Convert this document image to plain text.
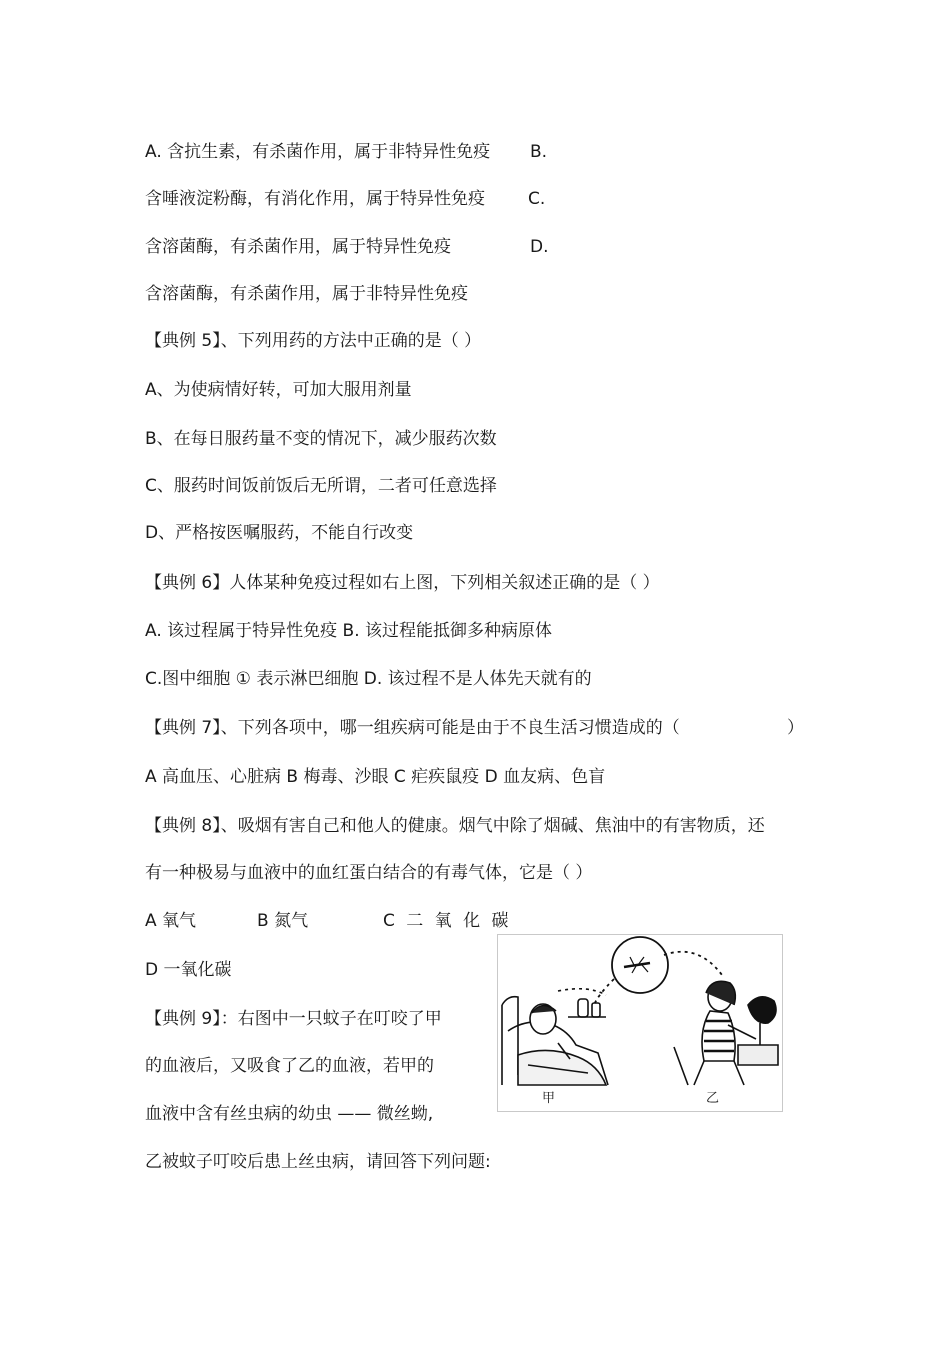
A. 含抗生素，有杀菌作用，属于非特异性免疫 B.
含唾液淀粉酶，有消化作用，属于特异性免疫	C.
含溶菌酶，有杀菌作用，属于特异性免疫	D.
含溶菌酶，有杀菌作用，属于非特异性免疫
【典例 5】、下列用药的方法中正确的是（ ）
A、为使病情好转，可加大服用剂量
B、在每日服药量不变的情况下，减少服药次数
C、服药时间饭前饭后无所谓，二者可任意选择
D、严格按医嘱服药，不能自行改变
【典例 6】人体某种免疫过程如右上图，下列相关叙述正确的是（ ）
A. 该过程属于特异性免疫 B. 该过程能抵御多种病原体
C.图中细胞 ① 表示淋巴细胞 D. 该过程不是人体先天就有的
【典例 7】、下列各项中，哪一组疾病可能是由于不良生活习惯造成的（	）
A 高血压、心脏病 B 梅毒、沙眼 C 疟疾鼠疫 D 血友病、色盲
【典例 8】、吸烟有害自己和他人的健康。烟气中除了烟碱、焦油中的有害物质，还
有一种极易与血液中的血红蛋白结合的有毒气体，它是（ ）
A 氧气	B 氮气	C 二 氧 化 碳
D 一氧化碳
【典例 9】：右图中一只蚊子在叮咬了甲
的血液后，又吸食了乙的血液，若甲的
血液中含有丝虫病的幼虫 —— 微丝蚴,
乙被蚊子叮咬后患上丝虫病，请回答下列问题:
甲	乙
